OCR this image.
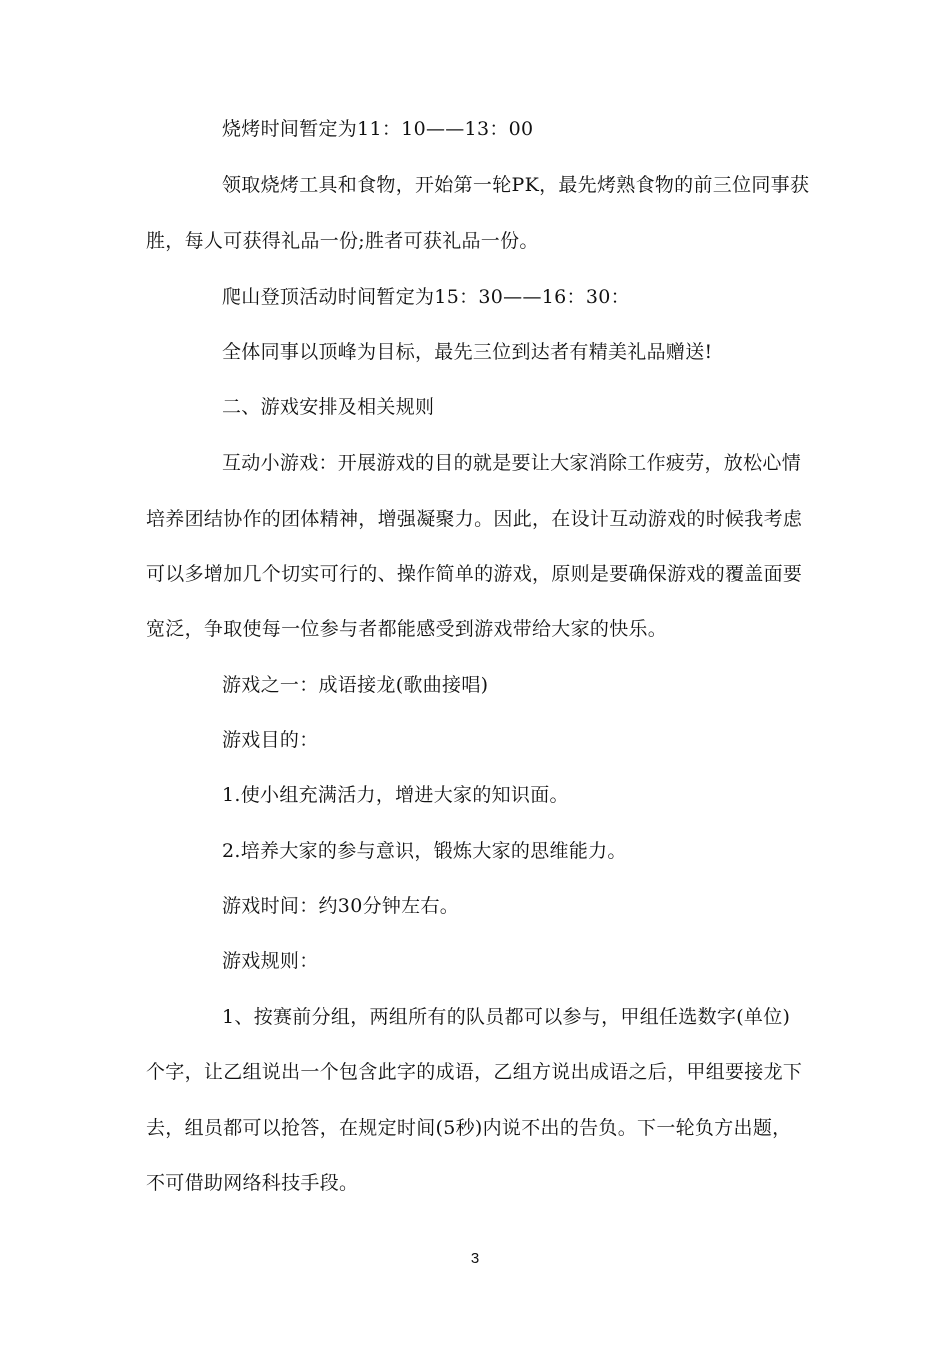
烧烤时间暂定为11：10——13：00
领取烧烤工具和食物，开始第一轮PK，最先烤熟食物的前三位同事获
胜，每人可获得礼品一份;胜者可获礼品一份。
爬山登顶活动时间暂定为15：30——16：30：
全体同事以顶峰为目标，最先三位到达者有精美礼品赠送!
二、游戏安排及相关规则
互动小游戏：开展游戏的目的就是要让大家消除工作疲劳，放松心情
培养团结协作的团体精神，增强凝聚力。因此，在设计互动游戏的时候我考虑
可以多增加几个切实可行的、操作简单的游戏，原则是要确保游戏的覆盖面要
宽泛，争取使每一位参与者都能感受到游戏带给大家的快乐。
游戏之一：成语接龙(歌曲接唱)
游戏目的：
1.使小组充满活力，增进大家的知识面。
2.培养大家的参与意识，锻炼大家的思维能力。
游戏时间：约30分钟左右。
游戏规则：
1、按赛前分组，两组所有的队员都可以参与，甲组任选数字(单位)
个字，让乙组说出一个包含此字的成语，乙组方说出成语之后，甲组要接龙下
去，组员都可以抢答，在规定时间(5秒)内说不出的告负。下一轮负方出题，
不可借助网络科技手段。
3
